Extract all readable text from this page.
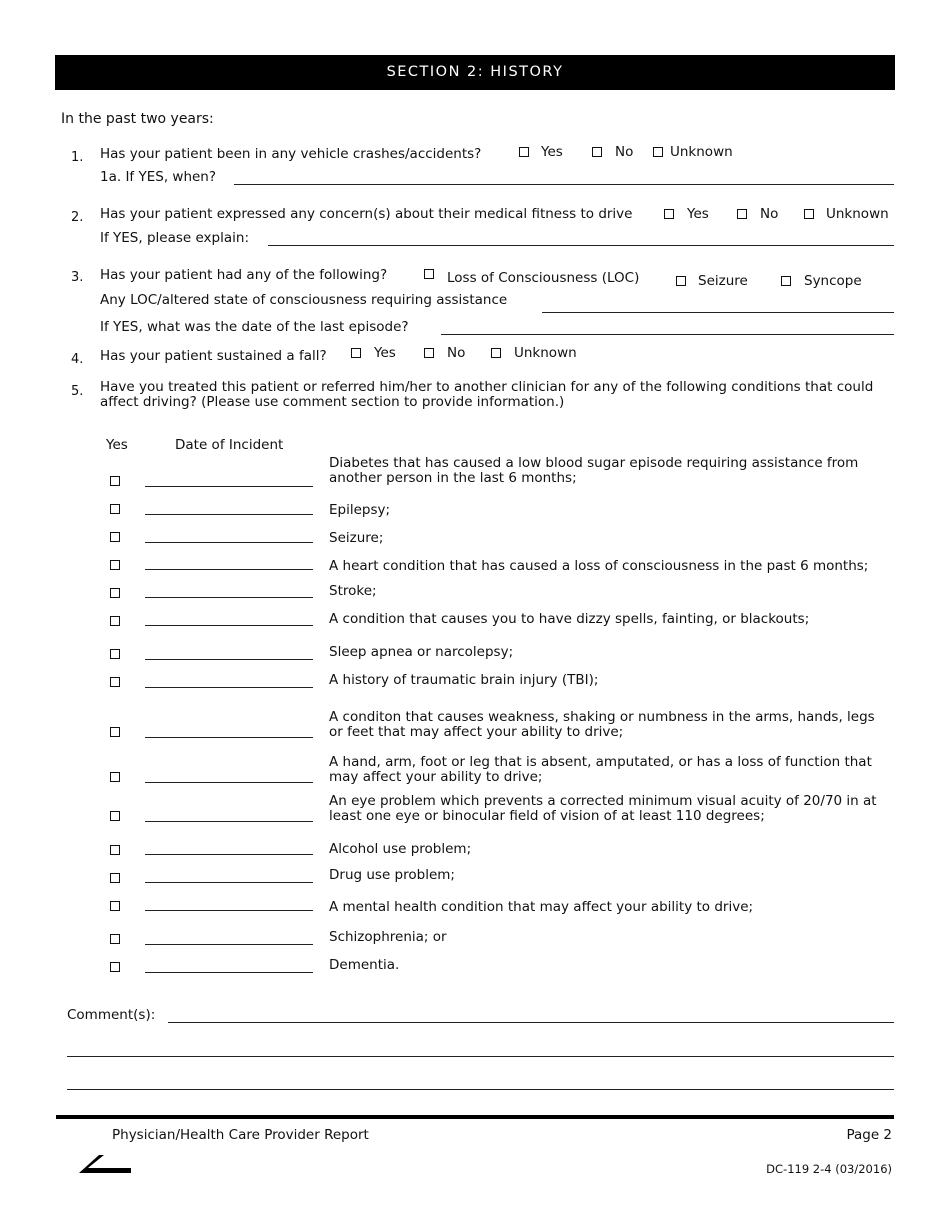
SECTION 2: HISTORY
In the past two years:
1. Has your patient been in any vehicle crashes/accidents?	Yes	No	Unknown
1a. If YES, when?
2. Has your patient expressed any concern(s) about their medical fitness to drive	Yes	No	Unknown
If YES, please explain:
3. Has your patient had any of the following?	Loss of Consciousness (LOC)	Seizure	Syncope
Any LOC/altered state of consciousness requiring assistance
If YES, what was the date of the last episode?
4. Has your patient sustained a fall?	Yes	No	Unknown
5. Have you treated this patient or referred him/her to another clinician for any of the following conditions that could affect driving? (Please use comment section to provide information.)
Yes	Date of Incident
Diabetes that has caused a low blood sugar episode requiring assistance from another person in the last 6 months;
Epilepsy;
Seizure;
A heart condition that has caused a loss of consciousness in the past 6 months;
Stroke;
A condition that causes you to have dizzy spells, fainting, or blackouts;
Sleep apnea or narcolepsy;
A history of traumatic brain injury (TBI);
A conditon that causes weakness, shaking or numbness in the arms, hands, legs or feet that may affect your ability to drive;
A hand, arm, foot or leg that is absent, amputated, or has a loss of function that may affect your ability to drive;
An eye problem which prevents a corrected minimum visual acuity of 20/70 in at least one eye or binocular field of vision of at least 110 degrees;
Alcohol use problem;
Drug use problem;
A mental health condition that may affect your ability to drive;
Schizophrenia; or
Dementia.
Comment(s):
Physician/Health Care Provider Report	Page 2
DC-119 2-4 (03/2016)
